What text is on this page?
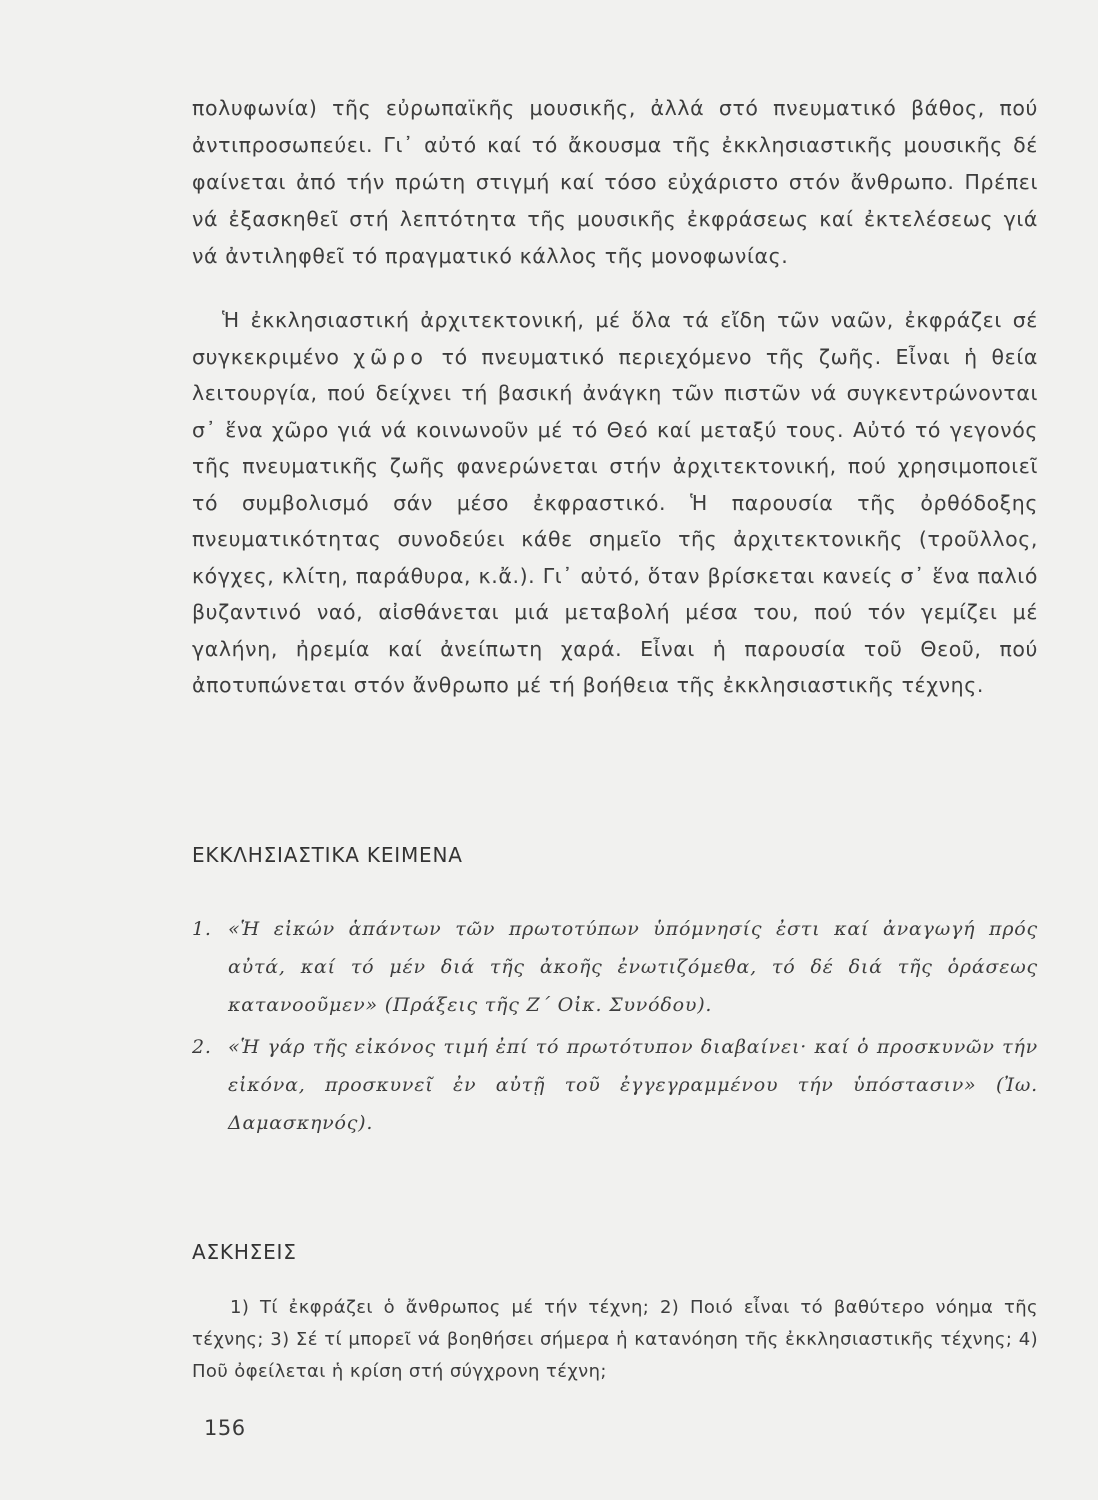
πολυφωνία) τῆς εὐρωπαϊκῆς μουσικῆς, ἀλλά στό πνευματικό βάθος, πού ἀντιπροσωπεύει. Γι᾽ αὐτό καί τό ἄκουσμα τῆς ἐκκλησιαστικῆς μουσικῆς δέ φαίνεται ἀπό τήν πρώτη στιγμή καί τόσο εὐχάριστο στόν ἄνθρωπο. Πρέπει νά ἐξασκηθεῖ στή λεπτότητα τῆς μουσικῆς ἐκφράσεως καί ἐκτελέσεως γιά νά ἀντιληφθεῖ τό πραγματικό κάλλος τῆς μονοφωνίας.

Ἡ ἐκκλησιαστική ἀρχιτεκτονική, μέ ὅλα τά εἴδη τῶν ναῶν, ἐκφράζει σέ συγκεκριμένο χῶρο τό πνευματικό περιεχόμενο τῆς ζωῆς. Εἶναι ἡ θεία λειτουργία, πού δείχνει τή βασική ἀνάγκη τῶν πιστῶν νά συγκεντρώνονται σ᾽ ἕνα χῶρο γιά νά κοινωνοῦν μέ τό Θεό καί μεταξύ τους. Αὐτό τό γεγονός τῆς πνευματικῆς ζωῆς φανερώνεται στήν ἀρχιτεκτονική, πού χρησιμοποιεῖ τό συμβολισμό σάν μέσο ἐκφραστικό. Ἡ παρουσία τῆς ὀρθόδοξης πνευματικότητας συνοδεύει κάθε σημεῖο τῆς ἀρχιτεκτονικῆς (τροῦλλος, κόγχες, κλίτη, παράθυρα, κ.ἄ.). Γι᾽ αὐτό, ὅταν βρίσκεται κανείς σ᾽ ἕνα παλιό βυζαντινό ναό, αἰσθάνεται μιά μεταβολή μέσα του, πού τόν γεμίζει μέ γαλήνη, ἠρεμία καί ἀνείπωτη χαρά. Εἶναι ἡ παρουσία τοῦ Θεοῦ, πού ἀποτυπώνεται στόν ἄνθρωπο μέ τή βοήθεια τῆς ἐκκλησιαστικῆς τέχνης.

ΕΚΚΛΗΣΙΑΣΤΙΚΑ ΚΕΙΜΕΝΑ
1. «Ἡ εἰκών ἁπάντων τῶν πρωτοτύπων ὑπόμνησίς ἐστι καί ἀναγωγή πρός αὐτά, καί τό μέν διά τῆς ἀκοῆς ἐνωτιζόμεθα, τό δέ διά τῆς ὁράσεως κατανοοῦμεν» (Πράξεις τῆς Ζ΄ Οἰκ. Συνόδου).
2. «Ἡ γάρ τῆς εἰκόνος τιμή ἐπί τό πρωτότυπον διαβαίνει· καί ὁ προσκυνῶν τήν εἰκόνα, προσκυνεῖ ἐν αὐτῇ τοῦ ἐγγεγραμμένου τήν ὑπόστασιν» (Ἰω. Δαμασκηνός).
ΑΣΚΗΣΕΙΣ

1) Τί ἐκφράζει ὁ ἄνθρωπος μέ τήν τέχνη; 2) Ποιό εἶναι τό βαθύτερο νόημα τῆς τέχνης; 3) Σέ τί μπορεῖ νά βοηθήσει σήμερα ἡ κατανόηση τῆς ἐκκλησιαστικῆς τέχνης; 4) Ποῦ ὀφείλεται ἡ κρίση στή σύγχρονη τέχνη;

156
